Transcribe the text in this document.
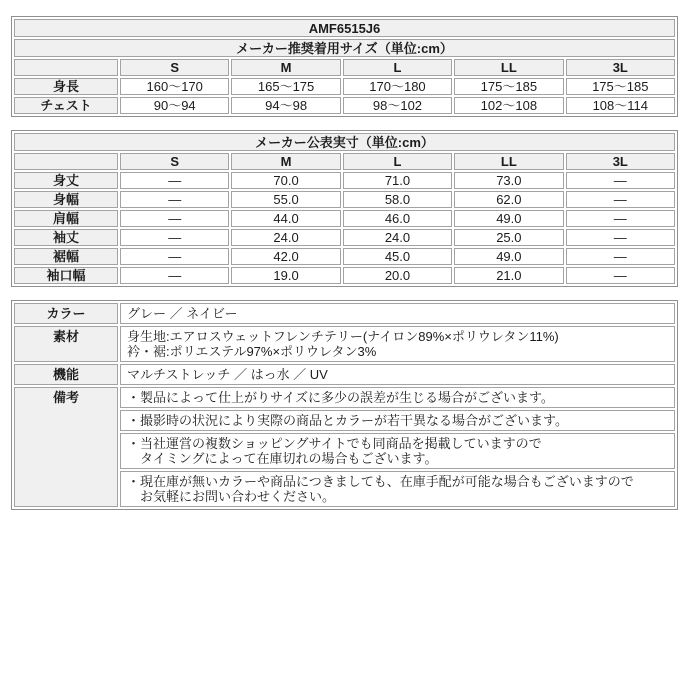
AMF6515J6					
メーカー推奨着用サイズ（単位:cm）					
	S	M	L	LL	3L
身長	160～170	165～175	170～180	175～185	175～185
チェスト	90～94	94～98	98～102	102～108	108～114
メーカー公表実寸（単位:cm）					
	S	M	L	LL	3L
身丈	—	70.0	71.0	73.0	—
身幅	—	55.0	58.0	62.0	—
肩幅	—	44.0	46.0	49.0	—
袖丈	—	24.0	24.0	25.0	—
裾幅	—	42.0	45.0	49.0	—
袖口幅	—	19.0	20.0	21.0	—
カラー	グレー ／ ネイビー
素材	身生地:エアロスウェットフレンチテリー(ナイロン89%×ポリウレタン11%)
衿・裾:ポリエステル97%×ポリウレタン3%

機能	マルチストレッチ ／ はっ水 ／ UV
備考	・製品によって仕上がりサイズに多少の誤差が生じる場合がございます。
	・撮影時の状況により実際の商品とカラーが若干異なる場合がございます。

	・当社運営の複数ショッピングサイトでも同商品を掲載していますので
タイミングによって在庫切れの場合もございます。

	・現在庫が無いカラーや商品につきましても、在庫手配が可能な場合もございますので
お気軽にお問い合わせください。
